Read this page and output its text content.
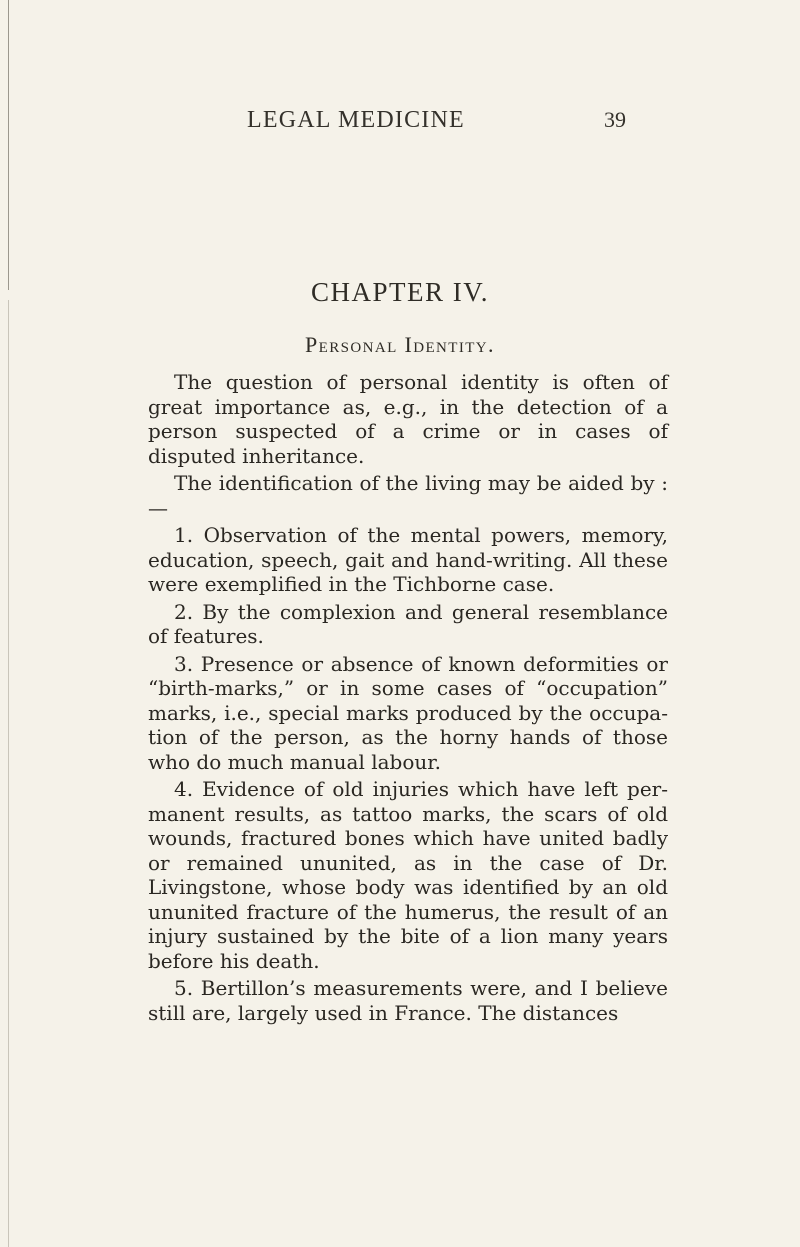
LEGAL MEDICINE	39
CHAPTER IV.
Personal Identity.

The question of personal identity is often of great importance as, e.g., in the detection of a person suspected of a crime or in cases of disputed inheritance.

The identification of the living may be aided by : —

1. Observation of the mental powers, memory, education, speech, gait and hand-writing. All these were exemplified in the Tichborne case.

2. By the complexion and general resemblance of features.

3. Presence or absence of known deformities or “birth-marks,” or in some cases of “occupation” marks, i.e., special marks produced by the occupa- tion of the person, as the horny hands of those who do much manual labour.

4. Evidence of old injuries which have left per- manent results, as tattoo marks, the scars of old wounds, fractured bones which have united badly or remained ununited, as in the case of Dr. Livingstone, whose body was identified by an old ununited fracture of the humerus, the result of an injury sustained by the bite of a lion many years before his death.

5. Bertillon’s measurements were, and I believe still are, largely used in France. The distances
